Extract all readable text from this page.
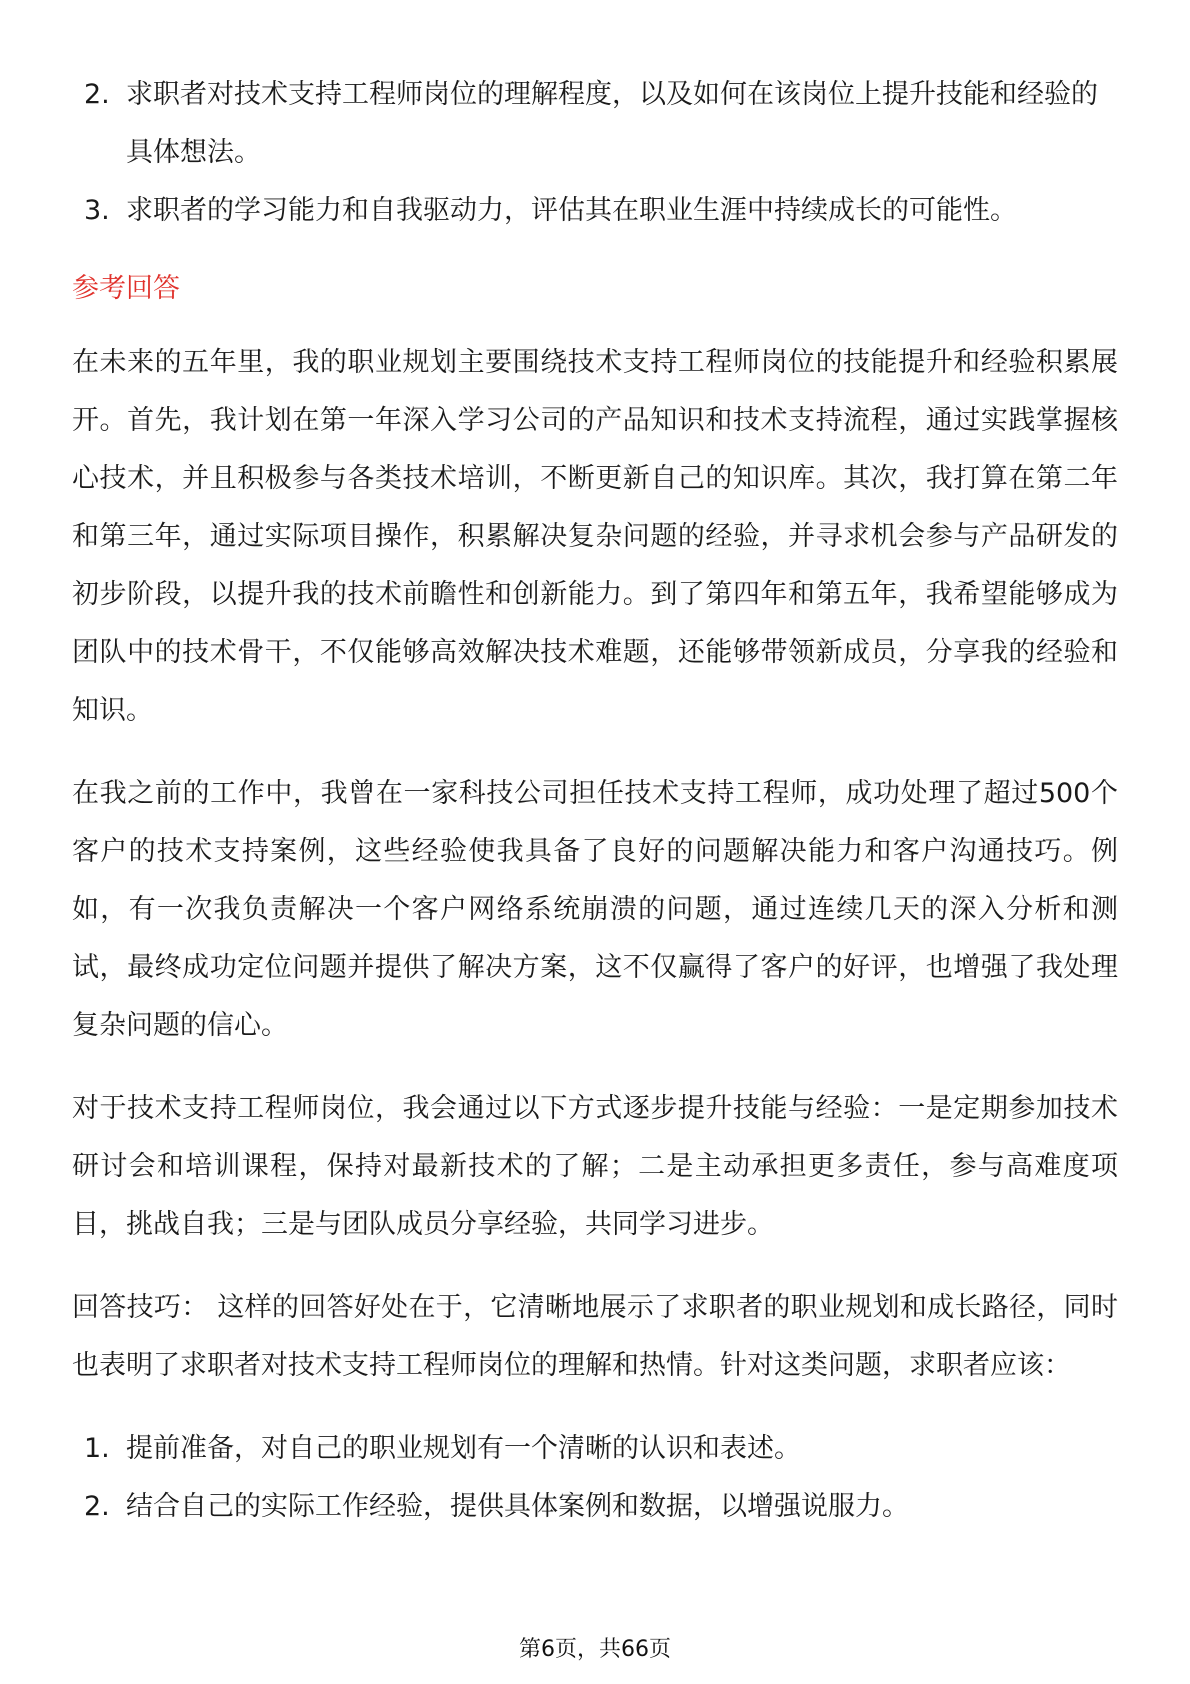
2. 求职者对技术支持工程师岗位的理解程度，以及如何在该岗位上提升技能和经验的具体想法。
3. 求职者的学习能力和自我驱动力，评估其在职业生涯中持续成长的可能性。
参考回答

在未来的五年里，我的职业规划主要围绕技术支持工程师岗位的技能提升和经验积累展开。首先，我计划在第一年深入学习公司的产品知识和技术支持流程，通过实践掌握核心技术，并且积极参与各类技术培训，不断更新自己的知识库。其次，我打算在第二年和第三年，通过实际项目操作，积累解决复杂问题的经验，并寻求机会参与产品研发的初步阶段，以提升我的技术前瞻性和创新能力。到了第四年和第五年，我希望能够成为团队中的技术骨干，不仅能够高效解决技术难题，还能够带领新成员，分享我的经验和知识。

在我之前的工作中，我曾在一家科技公司担任技术支持工程师，成功处理了超过500个客户的技术支持案例，这些经验使我具备了良好的问题解决能力和客户沟通技巧。例如，有一次我负责解决一个客户网络系统崩溃的问题，通过连续几天的深入分析和测试，最终成功定位问题并提供了解决方案，这不仅赢得了客户的好评，也增强了我处理复杂问题的信心。

对于技术支持工程师岗位，我会通过以下方式逐步提升技能与经验：一是定期参加技术研讨会和培训课程，保持对最新技术的了解；二是主动承担更多责任，参与高难度项目，挑战自我；三是与团队成员分享经验，共同学习进步。

回答技巧： 这样的回答好处在于，它清晰地展示了求职者的职业规划和成长路径，同时也表明了求职者对技术支持工程师岗位的理解和热情。针对这类问题，求职者应该：

1. 提前准备，对自己的职业规划有一个清晰的认识和表述。
2. 结合自己的实际工作经验，提供具体案例和数据，以增强说服力。
第6页，共66页
